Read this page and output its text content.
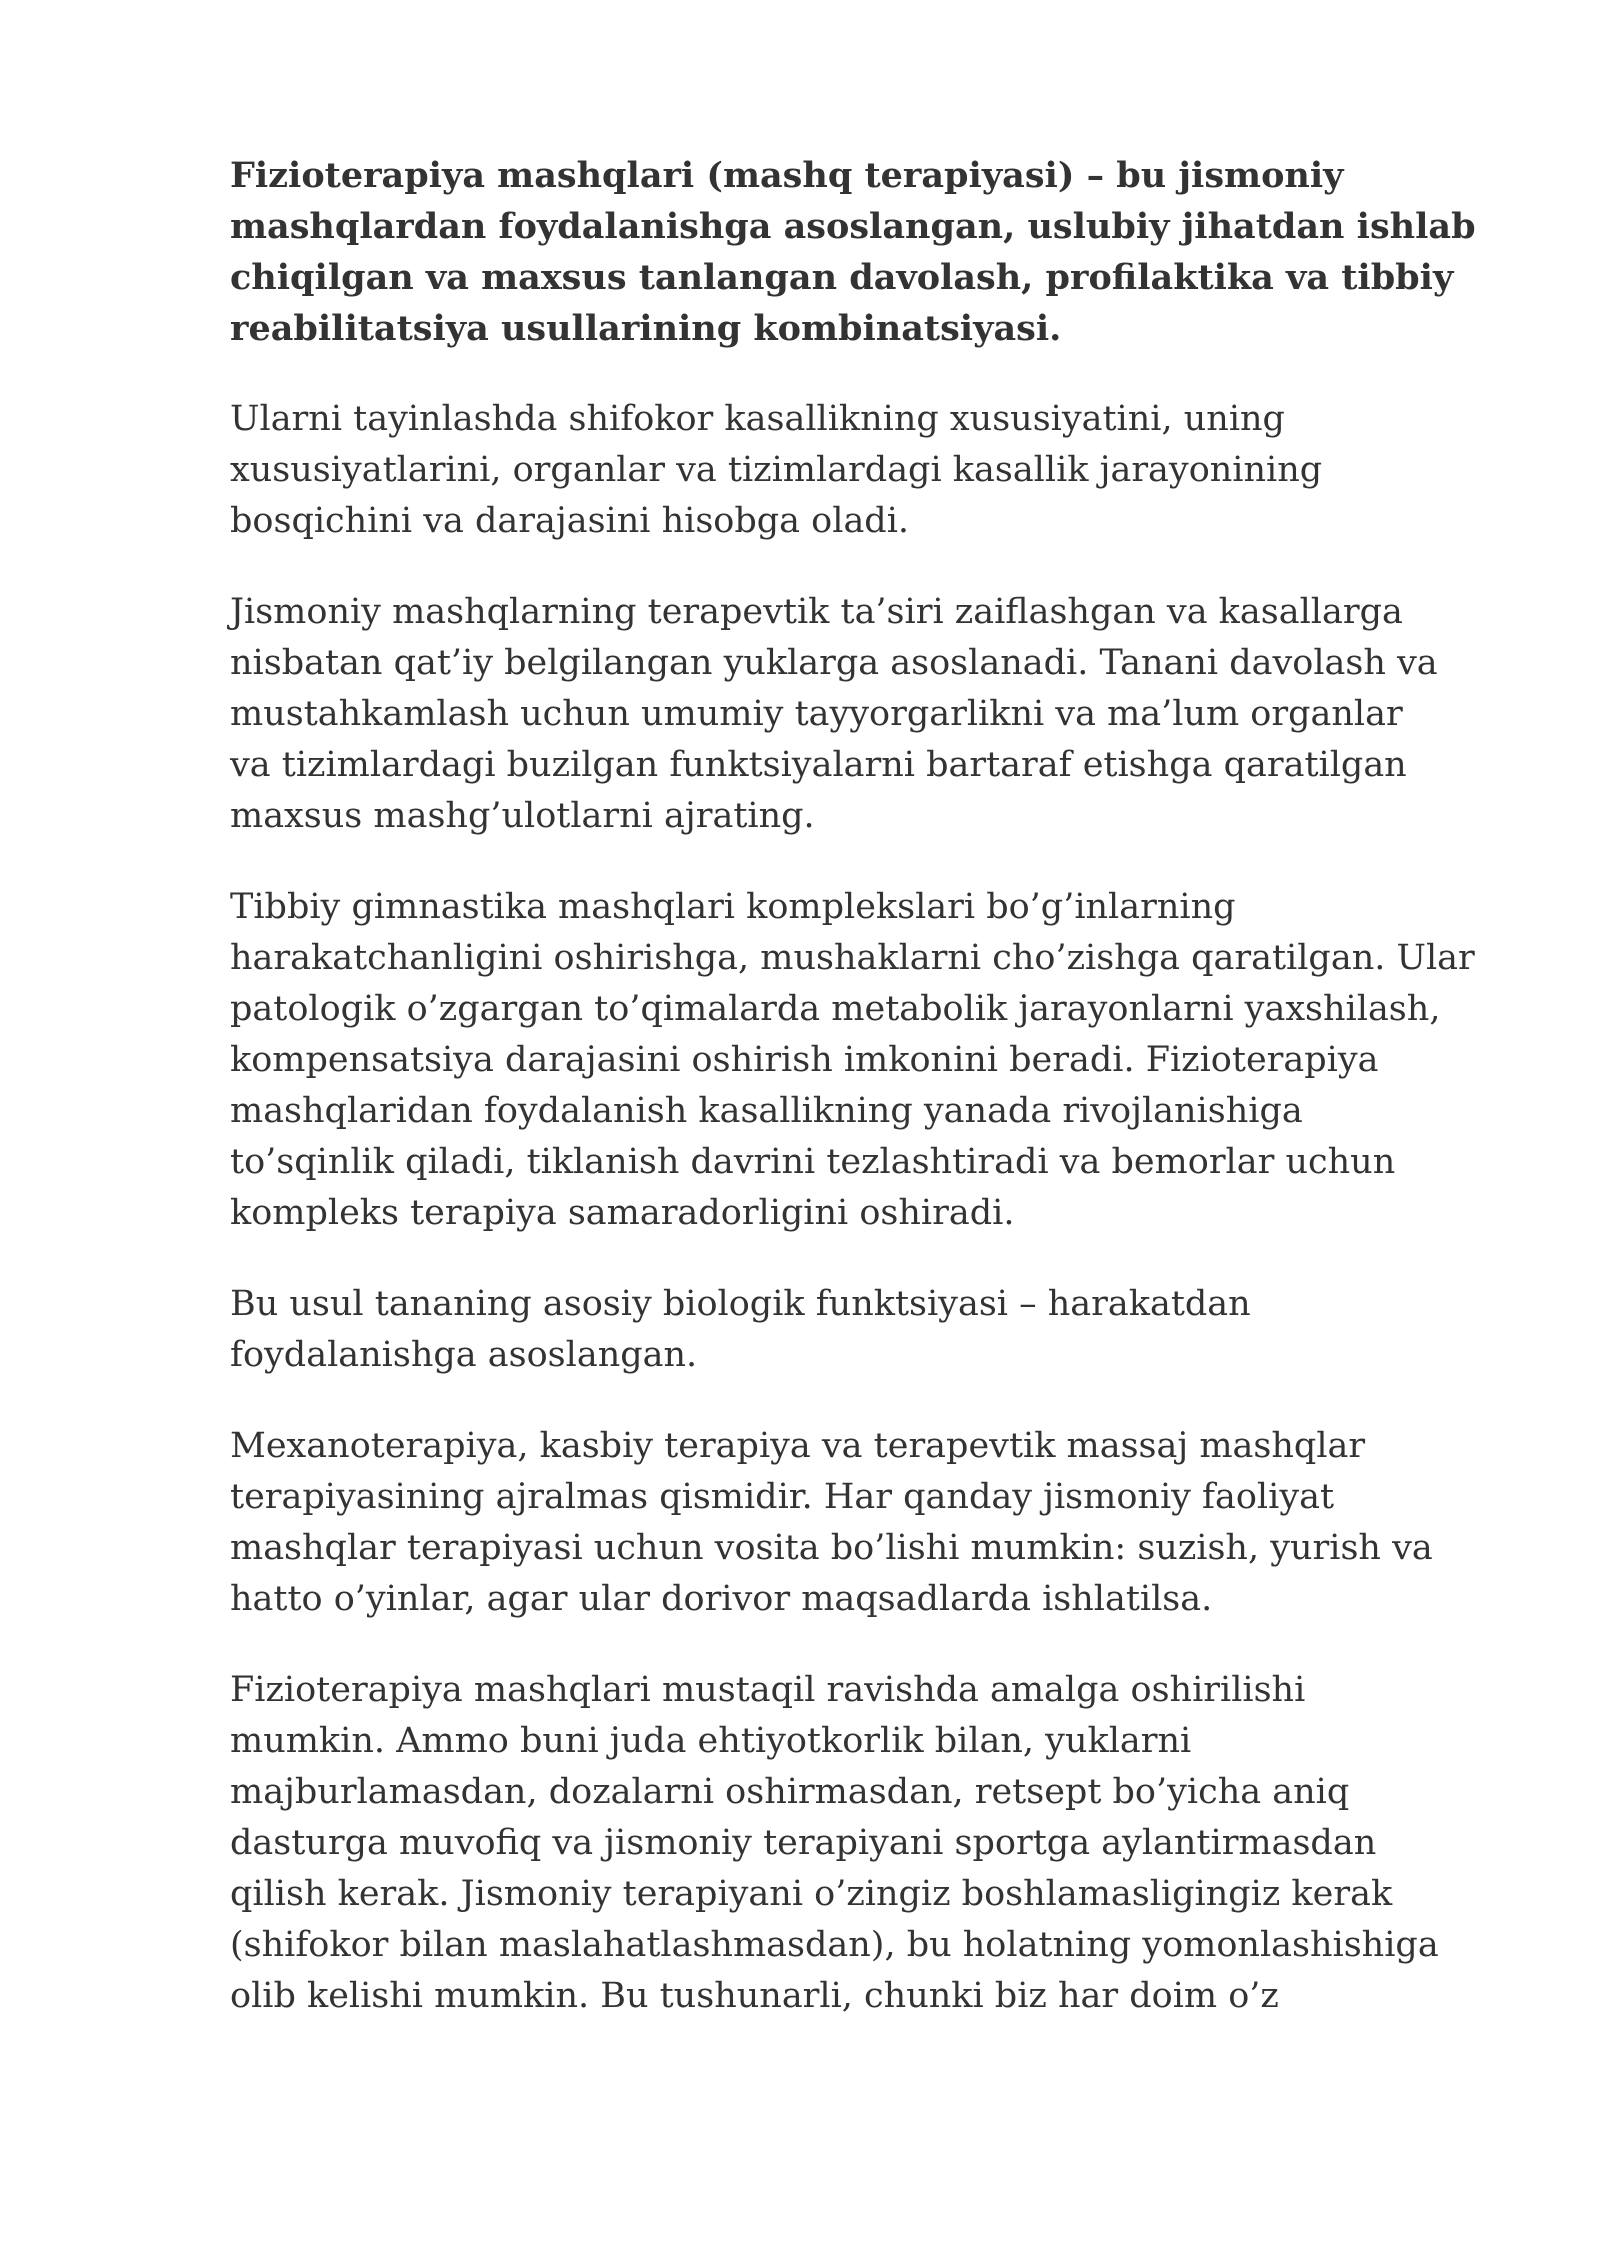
Fizioterapiya mashqlari (mashq terapiyasi) – bu jismoniy
mashqlardan foydalanishga asoslangan, uslubiy jihatdan ishlab
chiqilgan va maxsus tanlangan davolash, profilaktika va tibbiy
reabilitatsiya usullarining kombinatsiyasi.

Ularni tayinlashda shifokor kasallikning xususiyatini, uning
xususiyatlarini, organlar va tizimlardagi kasallik jarayonining
bosqichini va darajasini hisobga oladi.

Jismoniy mashqlarning terapevtik ta’siri zaiflashgan va kasallarga
nisbatan qat’iy belgilangan yuklarga asoslanadi. Tanani davolash va
mustahkamlash uchun umumiy tayyorgarlikni va ma’lum organlar
va tizimlardagi buzilgan funktsiyalarni bartaraf etishga qaratilgan
maxsus mashg’ulotlarni ajrating.

Tibbiy gimnastika mashqlari komplekslari bo’g’inlarning
harakatchanligini oshirishga, mushaklarni cho’zishga qaratilgan. Ular
patologik o’zgargan to’qimalarda metabolik jarayonlarni yaxshilash,
kompensatsiya darajasini oshirish imkonini beradi. Fizioterapiya
mashqlaridan foydalanish kasallikning yanada rivojlanishiga
to’sqinlik qiladi, tiklanish davrini tezlashtiradi va bemorlar uchun
kompleks terapiya samaradorligini oshiradi.

Bu usul tananing asosiy biologik funktsiyasi – harakatdan
foydalanishga asoslangan.

Mexanoterapiya, kasbiy terapiya va terapevtik massaj mashqlar
terapiyasining ajralmas qismidir. Har qanday jismoniy faoliyat
mashqlar terapiyasi uchun vosita bo’lishi mumkin: suzish, yurish va
hatto o’yinlar, agar ular dorivor maqsadlarda ishlatilsa.

Fizioterapiya mashqlari mustaqil ravishda amalga oshirilishi
mumkin. Ammo buni juda ehtiyotkorlik bilan, yuklarni
majburlamasdan, dozalarni oshirmasdan, retsept bo’yicha aniq
dasturga muvofiq va jismoniy terapiyani sportga aylantirmasdan
qilish kerak. Jismoniy terapiyani o’zingiz boshlamasligingiz kerak
(shifokor bilan maslahatlashmasdan), bu holatning yomonlashishiga
olib kelishi mumkin. Bu tushunarli, chunki biz har doim o’z
